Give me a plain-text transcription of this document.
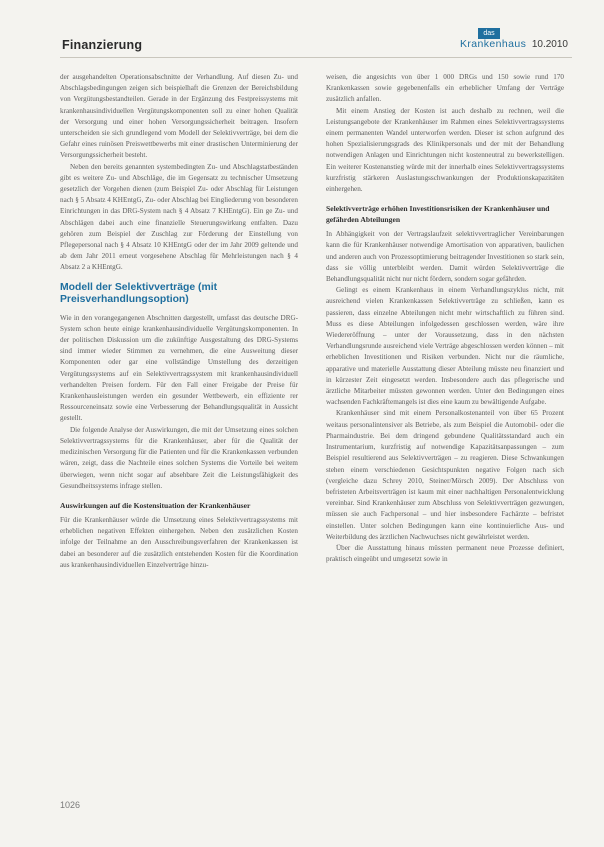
Finanzierung
das
Krankenhaus 10.2010

der ausgehandelten Operationsabschnitte der Verhandlung. Auf diesen Zu- und Abschlagsbedingungen zeigen sich beispielhaft die Grenzen der Bereichsbildung von Vergütungsbestandteilen. Gerade in der Ergänzung des Festpreissystems mit krankenhausindividuellen Vergütungskomponenten soll zu einer hohen Qualität der Versorgung und einer hohen Versorgungssicherheit beitragen. Insofern unterscheiden sie sich grundlegend vom Modell der Selektivverträge, bei dem die Gefahr eines ruinösen Preiswettbewerbs mit einer drastischen Unterminierung der Versorgungssicherheit besteht.

Neben den bereits genannten systembedingten Zu- und Abschlagstatbeständen gibt es weitere Zu- und Abschläge, die im Gegensatz zu technischer Umsetzung gesetzlich der Vorgehen dienen (zum Beispiel Zu- oder Abschlag für Leistungen nach § 5 Absatz 4 KHEntgG, Zu- oder Abschlag bei Eingliederung von besonderen Einrichtungen in das DRG-System nach § 4 Absatz 7 KHEntgG). Ein ge Zu- und Abschlägen dabei auch eine finanzielle Steuerungswirkung entfalten. Dazu gehören zum Beispiel der Zuschlag zur Förderung der Einstellung von Pflegepersonal nach § 4 Absatz 10 KHEntgG oder der im Jahr 2009 geltende und ab dem Jahr 2011 erneut vorgesehene Abschlag für Mehrleistungen nach § 4 Absatz 2 a KHEntgG.

Modell der Selektivverträge (mit Preisverhandlungsoption)

Wie in den vorangegangenen Abschnitten dargestellt, umfasst das deutsche DRG-System schon heute einige krankenhausindividuelle Vergütungskomponenten. In der politischen Diskussion um die zukünftige Ausgestaltung des DRG-Systems sind immer wieder Stimmen zu vernehmen, die eine Ausweitung dieser Komponenten oder gar eine vollständige Umstellung des derzeitigen Vergütungssystems auf ein Selektivvertragssystem mit krankenhausindividuell verhandelten Preisen fordern. Für den Fall einer Freigabe der Preise für Krankenhausleistungen werden ein gesunder Wettbewerb, ein effiziente rer Ressourceneinsatz sowie eine Verbesserung der Behandlungsqualität in Aussicht gestellt.

Die folgende Analyse der Auswirkungen, die mit der Umsetzung eines solchen Selektivvertragssystems für die Krankenhäuser, aber für die Qualität der medizinischen Versorgung für die Patienten und für die Krankenkassen verbunden wären, zeigt, dass die Nachteile eines solchen Systems die Vorteile bei weitem überwiegen, wenn nicht sogar auf absehbare Zeit die Leistungsfähigkeit des Gesundheitssystems infrage stellen.

Auswirkungen auf die Kostensituation der Krankenhäuser

Für die Krankenhäuser würde die Umsetzung eines Selektivvertragssystems mit erheblichen negativen Effekten einhergehen. Neben den zusätzlichen Kosten infolge der Teilnahme an den Ausschreibungsverfahren der Krankenkassen ist dabei an besonderer auf die zusätzlich entstehenden Kosten für die Koordination aus krankenhausindividuellen Einzelverträge hinzu-

weisen, die angesichts von über 1 000 DRGs und 150 sowie rund 170 Krankenkassen sowie gegebenenfalls ein erheblicher Umfang der Verträge zusätzlich anfallen.

Mit einem Anstieg der Kosten ist auch deshalb zu rechnen, weil die Leistungsangebote der Krankenhäuser im Rahmen eines Selektivvertragssystems einem permanenten Wandel unterworfen werden. Dieser ist schon aufgrund des hohen Spezialisierungsgrads des Klinikpersonals und der mit der Behandlung notwendigen Anlagen und Einrichtungen nicht kostenneutral zu bewerkstelligen. Ein weiterer Kostenanstieg würde mit der innerhalb eines Selektivvertragssystems kurzfristig stärkeren Auslastungsschwankungen der Produktionskapazitäten einhergehen.

Selektivverträge erhöhen Investitionsrisiken der Krankenhäuser und gefährden Abteilungen

In Abhängigkeit von der Vertragslaufzeit selektivvertraglicher Vereinbarungen kann die für Krankenhäuser notwendige Amortisation von apparativen, baulichen und anderen auch von Prozessoptimierung beitragender Investitionen so stark sein, dass sie völlig unterbleibt werden. Damit würden Selektivverträge die Behandlungsqualität nicht nur nicht fördern, sondern sogar gefährden.

Gelingt es einem Krankenhaus in einem Verhandlungszyklus nicht, mit ausreichend vielen Krankenkassen Selektivverträge zu schließen, kann es passieren, dass einzelne Abteilungen nicht mehr wirtschaftlich zu führen sind. Muss es diese Abteilungen infolgedessen geschlossen werden, wäre ihre Wiedereröffnung – unter der Voraussetzung, dass in den nächsten Verhandlungsrunde ausreichend viele Verträge abgeschlossen werden können – mit erheblichen Investitionen und Risiken verbunden. Nicht nur die räumliche, apparative und materielle Ausstattung dieser Abteilung müsste neu finanziert und in kürzester Zeit eingesetzt werden. Insbesondere auch das pflegerische und ärztliche Mitarbeiter müssten gewonnen werden. Unter den Bedingungen eines wachsenden Fachkräftemangels ist dies eine kaum zu bewältigende Aufgabe.

Krankenhäuser sind mit einem Personalkostenanteil von über 65 Prozent weitaus personalintensiver als Betriebe, als zum Beispiel die Automobil- oder die Pharmaindustrie. Bei dem dringend gebundene Qualitätsstandard auch ein Instrumentarium, kurzfristig auf notwendige Kapazitätsanpassungen – zum Beispiel resultierend aus Selektivverträgen – zu reagieren. Diese Schwankungen stehen einem verschiedenen Gesichtspunkten negative Folgen nach sich (vergleiche dazu Schrey 2010, Steiner/Mörsch 2009). Der Abschluss von befristeten Arbeitsverträgen ist kaum mit einer nachhaltigen Personalentwicklung vereinbar. Sind Krankenhäuser zum Abschluss von Selektivverträgen gezwungen, müssen sie auch Fachpersonal – und hier insbesondere Fachärzte – befristet einstellen. Unter solchen Bedingungen kann eine kontinuierliche Aus- und Weiterbildung des ärztlichen Nachwuchses nicht gewährleistet werden.

Über die Ausstattung hinaus müssten permanent neue Prozesse definiert, praktisch eingeübt und umgesetzt sowie in

1026
